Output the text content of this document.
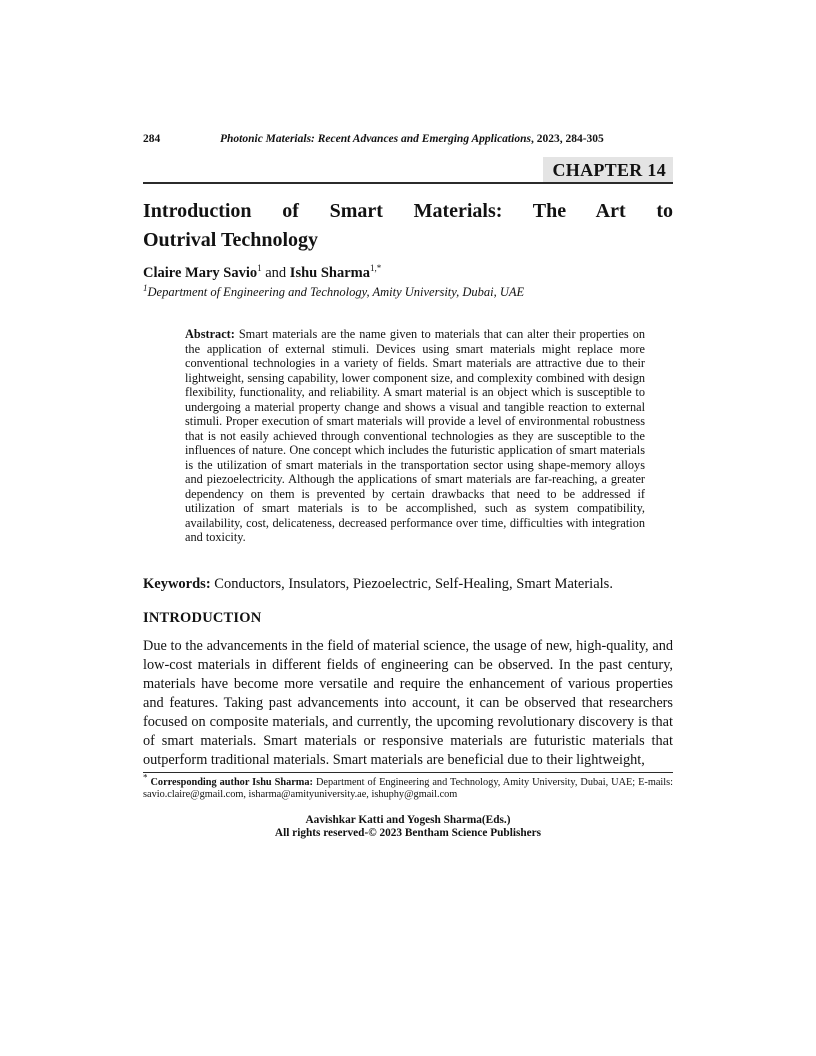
284	Photonic Materials: Recent Advances and Emerging Applications, 2023, 284-305
CHAPTER 14
Introduction of Smart Materials: The Art to
Outrival Technology
Claire Mary Savio$^1$ and Ishu Sharma$^{1,*}$
$^1$Department of Engineering and Technology, Amity University, Dubai, UAE

Abstract: Smart materials are the name given to materials that can alter their properties on the application of external stimuli. Devices using smart materials might replace more conventional technologies in a variety of fields. Smart materials are attractive due to their lightweight, sensing capability, lower component size, and complexity combined with design flexibility, functionality, and reliability. A smart material is an object which is susceptible to undergoing a material property change and shows a visual and tangible reaction to external stimuli. Proper execution of smart materials will provide a level of environmental robustness that is not easily achieved through conventional technologies as they are susceptible to the influences of nature. One concept which includes the futuristic application of smart materials is the utilization of smart materials in the transportation sector using shape-memory alloys and piezoelectricity. Although the applications of smart materials are far-reaching, a greater dependency on them is prevented by certain drawbacks that need to be addressed if utilization of smart materials is to be accomplished, such as system compatibility, availability, cost, delicateness, decreased performance over time, difficulties with integration and toxicity.

Keywords: Conductors, Insulators, Piezoelectric, Self-Healing, Smart Materials.

INTRODUCTION

Due to the advancements in the field of material science, the usage of new, high-quality, and low-cost materials in different fields of engineering can be observed. In the past century, materials have become more versatile and require the enhancement of various properties and features. Taking past advancements into account, it can be observed that researchers focused on composite materials, and currently, the upcoming revolutionary discovery is that of smart materials. Smart materials or responsive materials are futuristic materials that outperform traditional materials. Smart materials are beneficial due to their lightweight,

* Corresponding author Ishu Sharma: Department of Engineering and Technology, Amity University, Dubai, UAE; E-mails: savio.claire@gmail.com, isharma@amityuniversity.ae, ishuphy@gmail.com
Aavishkar Katti and Yogesh Sharma(Eds.)
All rights reserved-© 2023 Bentham Science Publishers
